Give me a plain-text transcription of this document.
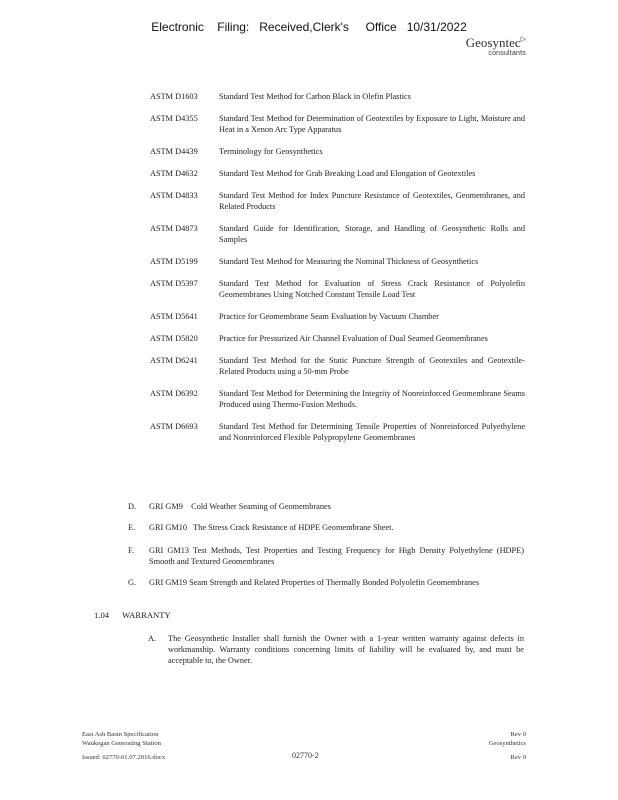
Electronic    Filing:   Received,Clerk's     Office   10/31/2022
Geosyntec▷
consultants
ASTM D1603	Standard Test Method for Carbon Black in Olefin Plastics
ASTM D4355	Standard Test Method for Determination of Geotextiles by Exposure to Light, Moisture and Heat in a Xenon Arc Type Apparatus
ASTM D4439	Terminology for Geosynthetics
ASTM D4632	Standard Test Method for Grab Breaking Load and Elongation of Geotextiles
ASTM D4833	Standard Test Method for Index Puncture Resistance of Geotextiles, Geomembranes, and Related Products
ASTM D4873	Standard Guide for Identification, Storage, and Handling of Geosynthetic Rolls and Samples
ASTM D5199	Standard Test Method for Measuring the Nominal Thickness of Geosynthetics
ASTM D5397	Standard Test Method for Evaluation of Stress Crack Resistance of Polyolefin Geomembranes Using Notched Constant Tensile Load Test
ASTM D5641	Practice for Geomembrane Seam Evaluation by Vacuum Chamber
ASTM D5820	Practice for Pressurized Air Channel Evaluation of Dual Seamed Geomembranes
ASTM D6241	Standard Test Method for the Static Puncture Strength of Geotextiles and Geotextile-Related Products using a 50-mm Probe
ASTM D6392	Standard Test Method for Determining the Integrity of Nonreinforced Geomembrane Seams Produced using Thermo-Fusion Methods.
ASTM D6693	Standard Test Method for Determining Tensile Properties of Nonreinforced Polyethylene and Nonreinforced Flexible Polypropylene Geomembranes
D.	GRI GM9    Cold Weather Seaming of Geomembranes
E.	GRI GM10   The Stress Crack Resistance of HDPE Geomembrane Sheet.
F.	GRI GM13 Test Methods, Test Properties and Testing Frequency for High Density Polyethylene (HDPE) Smooth and Textured Geomembranes
G.	GRI GM19 Seam Strength and Related Properties of Thermally Bonded Polyolefin Geomembranes
1.04	WARRANTY
A.	The Geosynthetic Installer shall furnish the Owner with a 1-year written warranty against defects in workmanship. Warranty conditions concerning limits of liability will be evaluated by, and must be acceptable to, the Owner.
East Ash Basin Specification
Waukegan Generating Station
Issued: 02770-01.07.2016.docx	02770-2
Rev 0
Geosynthetics
Rev 0
